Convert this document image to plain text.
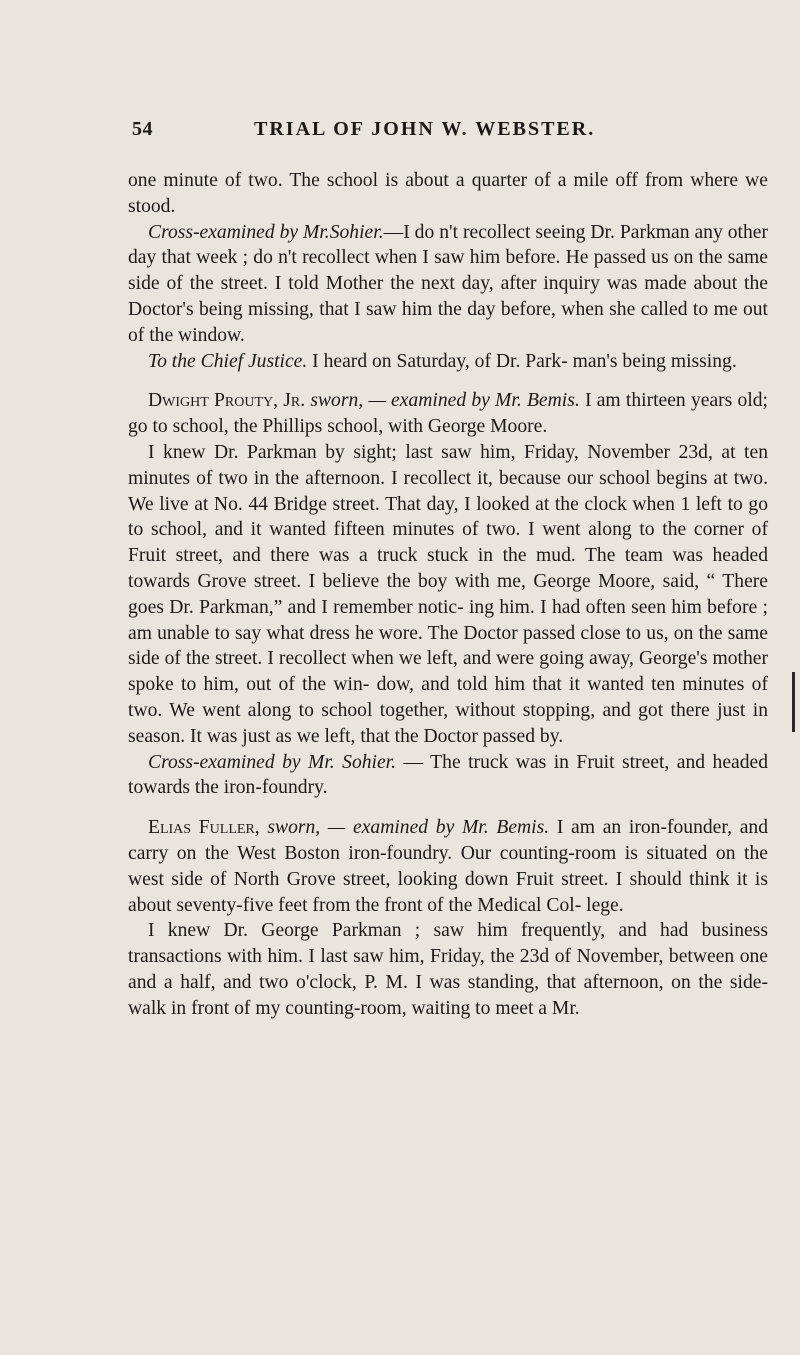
54	TRIAL OF JOHN W. WEBSTER.

one minute of two. The school is about a quarter of a mile off from where we stood.

Cross-examined by Mr.Sohier.—I do n't recollect seeing Dr. Parkman any other day that week ; do n't recollect when I saw him before. He passed us on the same side of the street. I told Mother the next day, after inquiry was made about the Doctor's being missing, that I saw him the day before, when she called to me out of the window.

To the Chief Justice. I heard on Saturday, of Dr. Park- man's being missing.

Dwight Prouty, Jr. sworn, — examined by Mr. Bemis. I am thirteen years old; go to school, the Phillips school, with George Moore.

I knew Dr. Parkman by sight; last saw him, Friday, November 23d, at ten minutes of two in the afternoon. I recollect it, because our school begins at two. We live at No. 44 Bridge street. That day, I looked at the clock when 1 left to go to school, and it wanted fifteen minutes of two. I went along to the corner of Fruit street, and there was a truck stuck in the mud. The team was headed towards Grove street. I believe the boy with me, George Moore, said, “ There goes Dr. Parkman,” and I remember notic- ing him. I had often seen him before ; am unable to say what dress he wore. The Doctor passed close to us, on the same side of the street. I recollect when we left, and were going away, George's mother spoke to him, out of the win- dow, and told him that it wanted ten minutes of two. We went along to school together, without stopping, and got there just in season. It was just as we left, that the Doctor passed by.

Cross-examined by Mr. Sohier. — The truck was in Fruit street, and headed towards the iron-foundry.

Elias Fuller, sworn, — examined by Mr. Bemis. I am an iron-founder, and carry on the West Boston iron-foundry. Our counting-room is situated on the west side of North Grove street, looking down Fruit street. I should think it is about seventy-five feet from the front of the Medical Col- lege.

I knew Dr. George Parkman ; saw him frequently, and had business transactions with him. I last saw him, Friday, the 23d of November, between one and a half, and two o'clock, P. M. I was standing, that afternoon, on the side- walk in front of my counting-room, waiting to meet a Mr.
